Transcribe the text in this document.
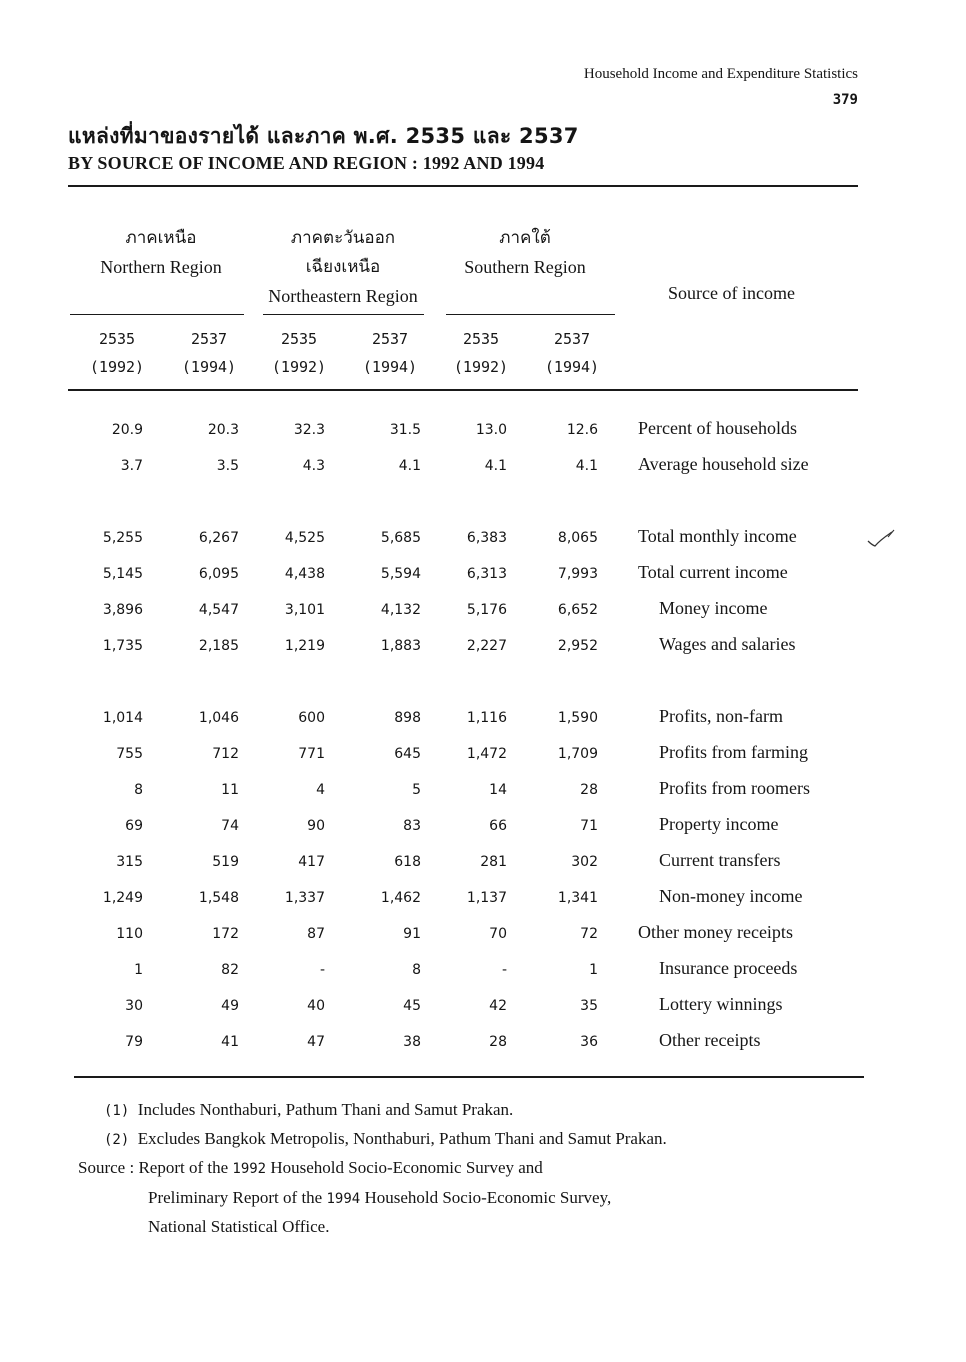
Household Income and Expenditure Statistics
379
แหล่งที่มาของรายได้ และภาค พ.ศ. 2535 และ 2537
BY SOURCE OF INCOME AND REGION : 1992 AND 1994
ภาคเหนือ
Northern Region
ภาคตะวันออก
เฉียงเหนือ
Northeastern Region
ภาคใต้
Southern Region
Source of income
2535
(1992)
2537
(1994)
2535
(1992)
2537
(1994)
2535
(1992)
2537
(1994)
20.9	20.3	32.3	31.5	13.0	12.6 Percent of households
3.7	3.5	4.3	4.1	4.1	4.1 Average household size
5,255	6,267	4,525	5,685	6,383	8,065 Total monthly income
5,145	6,095	4,438	5,594	6,313	7,993 Total current income
3,896	4,547	3,101	4,132	5,176	6,652	Money income
1,735	2,185	1,219	1,883	2,227	2,952	Wages and salaries
1,014	1,046	600	898	1,116	1,590	Profits, non-farm
755	712	771	645	1,472	1,709	Profits from farming
8	11	4	5	14	28	Profits from roomers
69	74	90	83	66	71	Property income
315	519	417	618	281	302	Current transfers
1,249	1,548	1,337	1,462	1,137	1,341	Non-money income
110	172	87	91	70	72 Other money receipts
1	82	-	8	-	1	Insurance proceeds
30	49	40	45	42	35	Lottery winnings
79	41	47	38	28	36	Other receipts
(1) Includes Nonthaburi, Pathum Thani and Samut Prakan.
(2) Excludes Bangkok Metropolis, Nonthaburi, Pathum Thani and Samut Prakan.
Source : Report of the 1992 Household Socio-Economic Survey and
Preliminary Report of the 1994 Household Socio-Economic Survey,
National Statistical Office.
